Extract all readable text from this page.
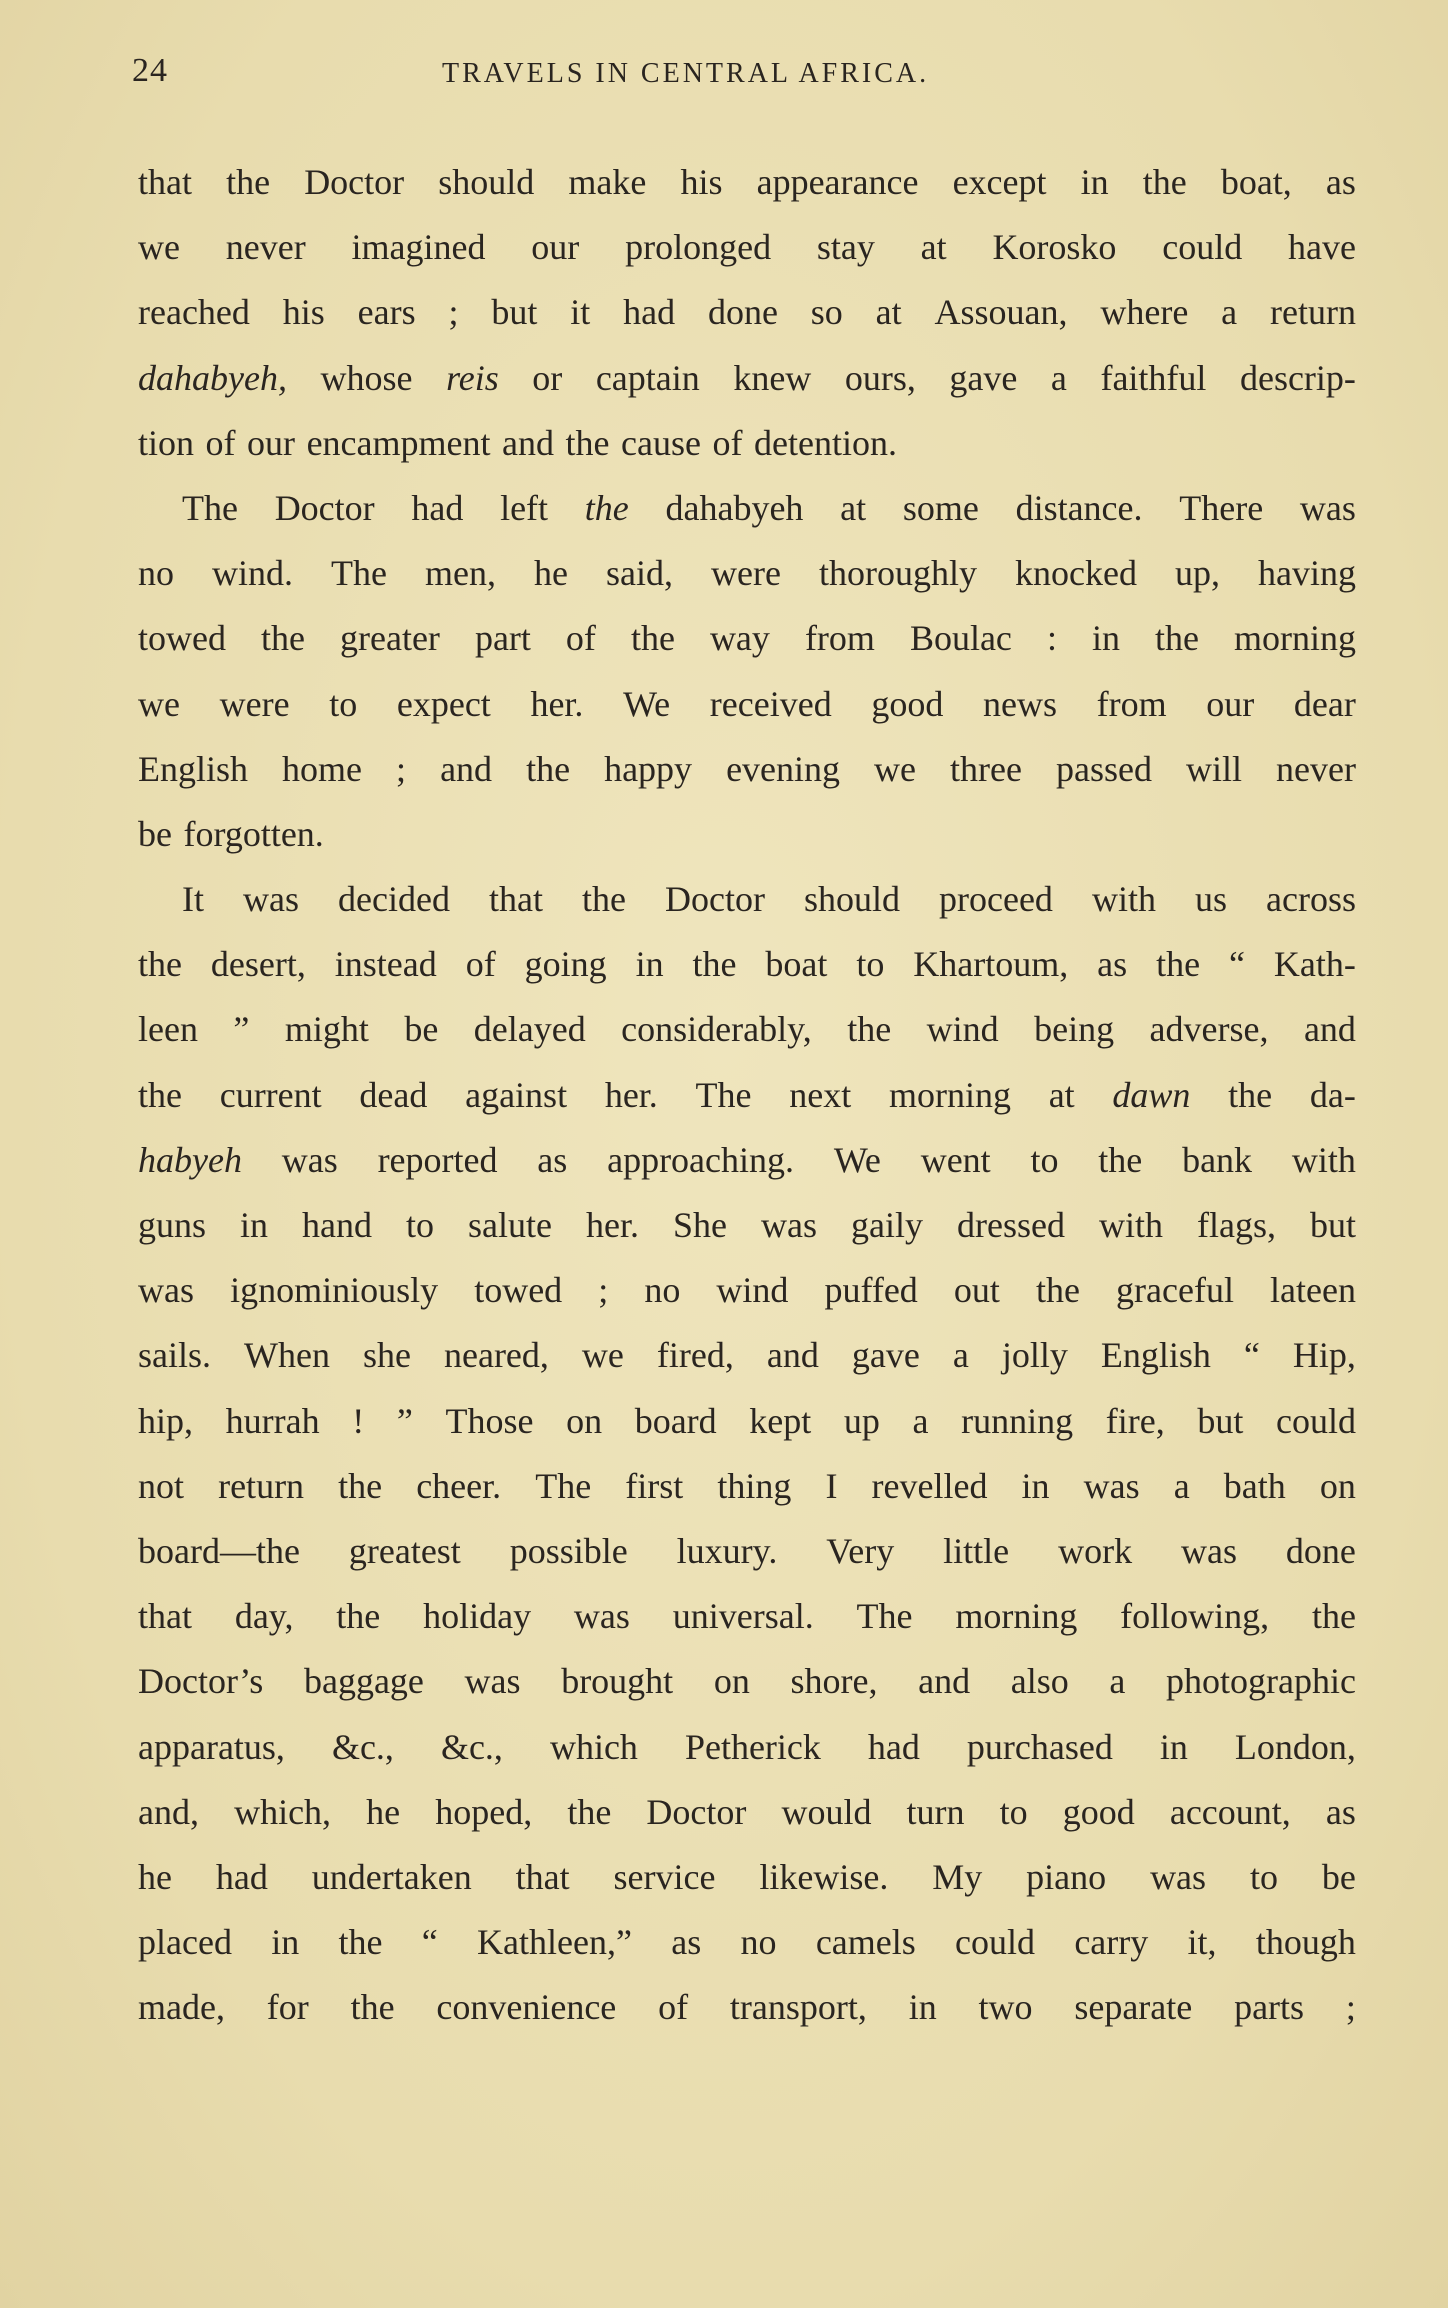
24	TRAVELS IN CENTRAL AFRICA.
that the Doctor should make his appearance except in the boat, as
we never imagined our prolonged stay at Korosko could have
reached his ears ; but it had done so at Assouan, where a return
dahabyeh, whose reis or captain knew ours, gave a faithful descrip-
tion of our encampment and the cause of detention.
The Doctor had left the dahabyeh at some distance. There was
no wind. The men, he said, were thoroughly knocked up, having
towed the greater part of the way from Boulac : in the morning
we were to expect her. We received good news from our dear
English home ; and the happy evening we three passed will never
be forgotten.
It was decided that the Doctor should proceed with us across
the desert, instead of going in the boat to Khartoum, as the “ Kath-
leen ” might be delayed considerably, the wind being adverse, and
the current dead against her. The next morning at dawn the da-
habyeh was reported as approaching. We went to the bank with
guns in hand to salute her. She was gaily dressed with flags, but
was ignominiously towed ; no wind puffed out the graceful lateen
sails. When she neared, we fired, and gave a jolly English “ Hip,
hip, hurrah ! ” Those on board kept up a running fire, but could
not return the cheer. The first thing I revelled in was a bath on
board—the greatest possible luxury. Very little work was done
that day, the holiday was universal. The morning following, the
Doctor’s baggage was brought on shore, and also a photographic
apparatus, &c., &c., which Petherick had purchased in London,
and, which, he hoped, the Doctor would turn to good account, as
he had undertaken that service likewise. My piano was to be
placed in the “ Kathleen,” as no camels could carry it, though
made, for the convenience of transport, in two separate parts ;
